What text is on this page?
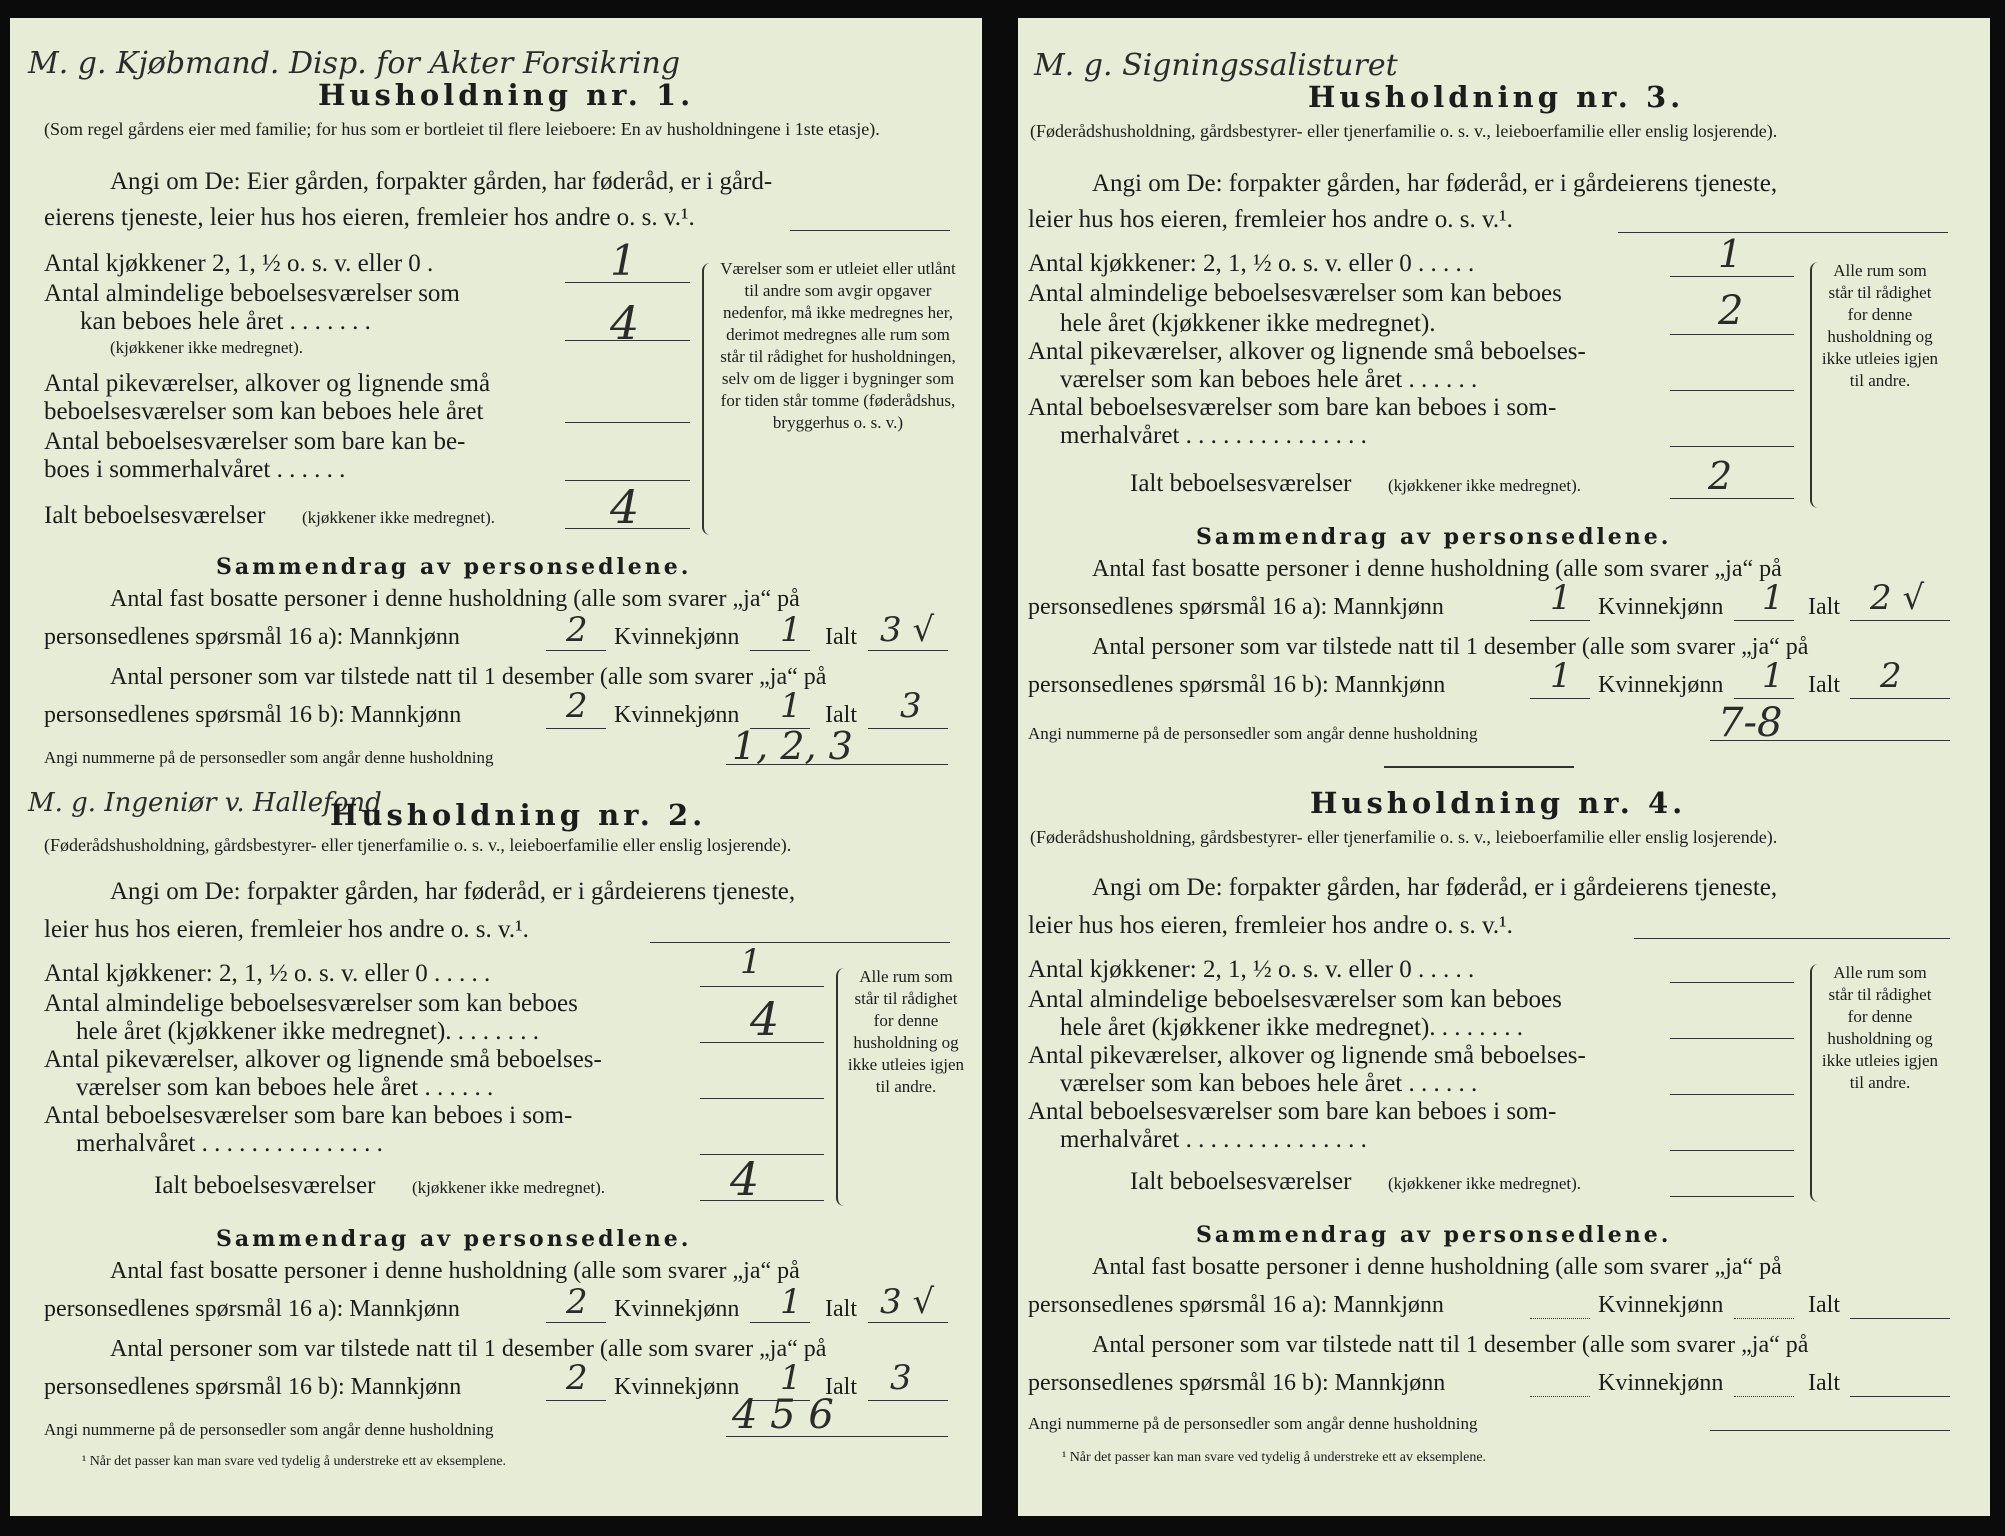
M. g. Kjøbmand. Disp. for Akter Forsikring
Husholdning nr. 1.
(Som regel gårdens eier med familie; for hus som er bortleiet til flere leieboere: En av husholdningene i 1ste etasje).
Angi om De: Eier gården, forpakter gården, har føderåd, er i gård-
eierens tjeneste, leier hus hos eieren, fremleier hos andre o. s. v.¹.
Antal kjøkkener 2, 1, ½ o. s. v. eller 0 .	1
Antal almindelige beboelsesværelser som
kan beboes hele året . . . . . . .
(kjøkkener ikke medregnet).	4
Antal pikeværelser, alkover og lignende små
beboelsesværelser som kan beboes hele året
Antal beboelsesværelser som bare kan be-
boes i sommerhalvåret . . . . . .
Ialt beboelsesværelser (kjøkkener ikke medregnet). 4
Værelser som er utleiet eller utlånt til andre som avgir opgaver nedenfor, må ikke medregnes her, derimot medregnes alle rum som står til rådighet for husholdningen, selv om de ligger i bygninger som for tiden står tomme (føderådshus, bryggerhus o. s. v.)
Sammendrag av personsedlene.
Antal fast bosatte personer i denne husholdning (alle som svarer „ja“ på
personsedlenes spørsmål 16 a): Mannkjønn	2 Kvinnekjønn 1 Ialt 3 √
Antal personer som var tilstede natt til 1 desember (alle som svarer „ja“ på
personsedlenes spørsmål 16 b): Mannkjønn	2 Kvinnekjønn 1 Ialt 3
Angi nummerne på de personsedler som angår denne husholdning	1, 2, 3
M. g. Ingeniør v. Hallefond
Husholdning nr. 2.
(Føderådshusholdning, gårdsbestyrer- eller tjenerfamilie o. s. v., leieboerfamilie eller enslig losjerende).
Angi om De: forpakter gården, har føderåd, er i gårdeierens tjeneste,
leier hus hos eieren, fremleier hos andre o. s. v.¹.
Antal kjøkkener: 2, 1, ½ o. s. v. eller 0 . . . . .	1
Antal almindelige beboelsesværelser som kan beboes
hele året (kjøkkener ikke medregnet). . . . . . . .	4
Antal pikeværelser, alkover og lignende små beboelses-
værelser som kan beboes hele året . . . . . .
Antal beboelsesværelser som bare kan beboes i som-
merhalvåret . . . . . . . . . . . . . . .
Ialt beboelsesværelser (kjøkkener ikke medregnet).	4
Alle rum som står til rådighet for denne husholdning og ikke utleies igjen til andre.
Sammendrag av personsedlene.
Antal fast bosatte personer i denne husholdning (alle som svarer „ja“ på
personsedlenes spørsmål 16 a): Mannkjønn	2 Kvinnekjønn 1 Ialt 3 √
Antal personer som var tilstede natt til 1 desember (alle som svarer „ja“ på
personsedlenes spørsmål 16 b): Mannkjønn	2 Kvinnekjønn 1 Ialt 3
Angi nummerne på de personsedler som angår denne husholdning	4 5 6
¹ Når det passer kan man svare ved tydelig å understreke ett av eksemplene.
M. g. Signingssalisturet
Husholdning nr. 3.
(Føderådshusholdning, gårdsbestyrer- eller tjenerfamilie o. s. v., leieboerfamilie eller enslig losjerende).
Angi om De: forpakter gården, har føderåd, er i gårdeierens tjeneste,
leier hus hos eieren, fremleier hos andre o. s. v.¹.
Antal kjøkkener: 2, 1, ½ o. s. v. eller 0 . . . . .	1
Antal almindelige beboelsesværelser som kan beboes
hele året (kjøkkener ikke medregnet).	2
Antal pikeværelser, alkover og lignende små beboelses-
værelser som kan beboes hele året . . . . . .
Antal beboelsesværelser som bare kan beboes i som-
merhalvåret . . . . . . . . . . . . . . .
Ialt beboelsesværelser (kjøkkener ikke medregnet).	2
Alle rum som står til rådighet for denne husholdning og ikke utleies igjen til andre.
Sammendrag av personsedlene.
Antal fast bosatte personer i denne husholdning (alle som svarer „ja“ på
personsedlenes spørsmål 16 a): Mannkjønn	1 Kvinnekjønn 1 Ialt 2 √
Antal personer som var tilstede natt til 1 desember (alle som svarer „ja“ på
personsedlenes spørsmål 16 b): Mannkjønn	1 Kvinnekjønn 1 Ialt 2
Angi nummerne på de personsedler som angår denne husholdning	7-8
Husholdning nr. 4.
(Føderådshusholdning, gårdsbestyrer- eller tjenerfamilie o. s. v., leieboerfamilie eller enslig losjerende).
Angi om De: forpakter gården, har føderåd, er i gårdeierens tjeneste,
leier hus hos eieren, fremleier hos andre o. s. v.¹.
Antal kjøkkener: 2, 1, ½ o. s. v. eller 0 . . . . .
Antal almindelige beboelsesværelser som kan beboes
hele året (kjøkkener ikke medregnet). . . . . . . .
Antal pikeværelser, alkover og lignende små beboelses-
værelser som kan beboes hele året . . . . . .
Antal beboelsesværelser som bare kan beboes i som-
merhalvåret . . . . . . . . . . . . . . .
Ialt beboelsesværelser (kjøkkener ikke medregnet).
Alle rum som står til rådighet for denne husholdning og ikke utleies igjen til andre.
Sammendrag av personsedlene.
Antal fast bosatte personer i denne husholdning (alle som svarer „ja“ på
personsedlenes spørsmål 16 a): Mannkjønn	Kvinnekjønn	Ialt
Antal personer som var tilstede natt til 1 desember (alle som svarer „ja“ på
personsedlenes spørsmål 16 b): Mannkjønn	Kvinnekjønn	Ialt
Angi nummerne på de personsedler som angår denne husholdning
¹ Når det passer kan man svare ved tydelig å understreke ett av eksemplene.
